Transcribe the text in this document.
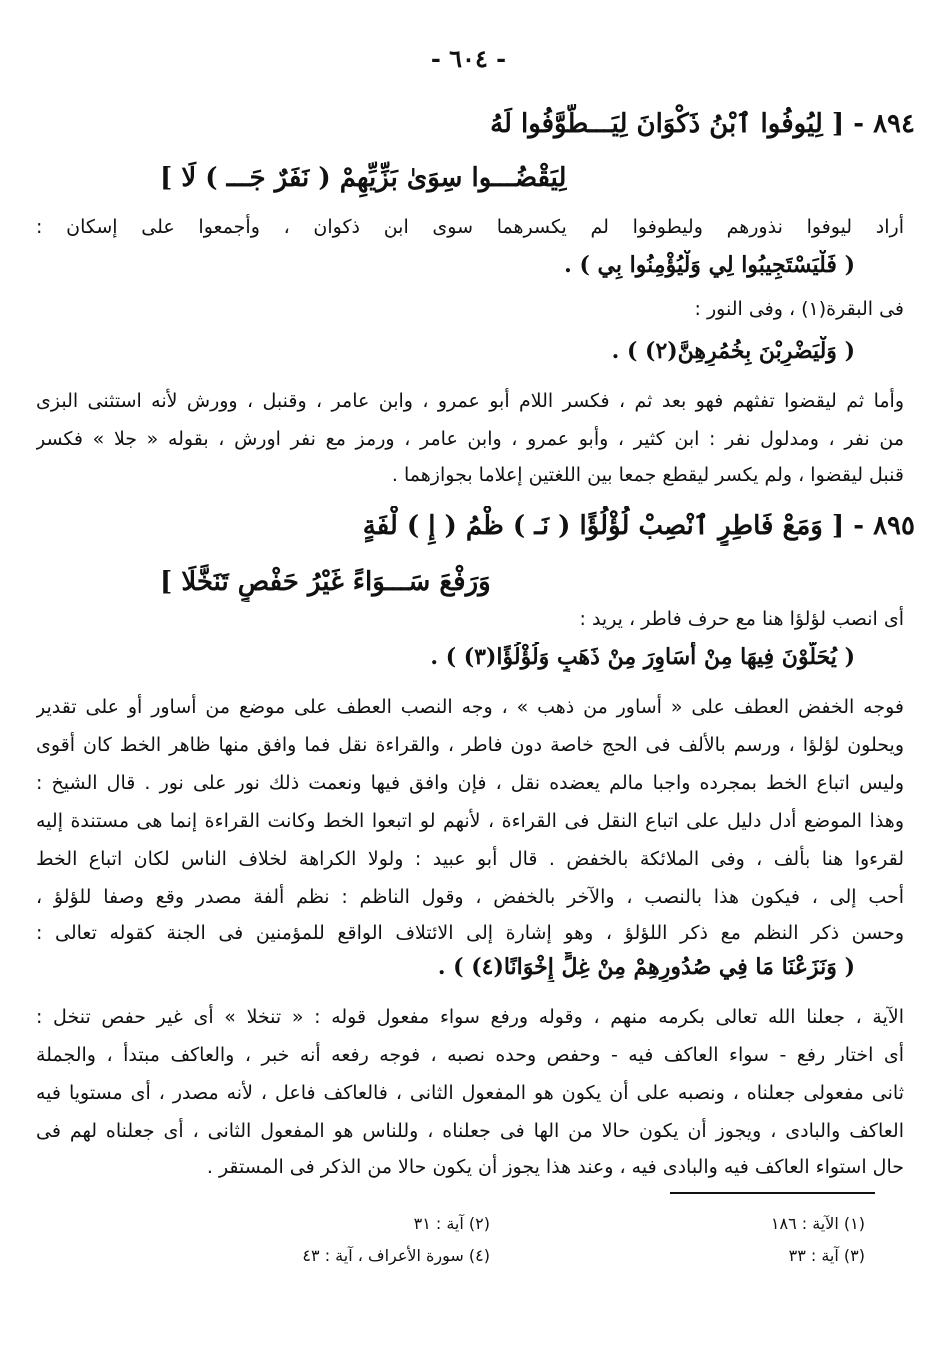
- ٦٠٤ -
٨٩٤ - [ لِيُوفُوا ٱبْنُ ذَكْوَانَ لِيَـــطَّوَّفُوا لَهُ
لِيَقْضُـــوا سِوَىٰ بَزِّيِّهِمْ ( نَفَرٌ جَـــ ) لَا ]
أراد ليوفوا نذورهم وليطوفوا لم يكسرهما سوى ابن ذكوان ، وأجمعوا على إسكان :
( فَلْيَسْتَجِيبُوا لِي وَلْيُؤْمِنُوا بِي ) .
فى البقرة(١) ، وفى النور :
( وَلْيَضْرِبْنَ بِخُمُرِهِنَّ(٢) ) .
وأما ثم ليقضوا تفثهم فهو بعد ثم ، فكسر اللام أبو عمرو ، وابن عامر ، وقنبل ، وورش لأنه استثنى البزى
من نفر ، ومدلول نفر : ابن كثير ، وأبو عمرو ، وابن عامر ، ورمز مع نفر اورش ، بقوله « جلا » فكسر
قنبل ليقضوا ، ولم يكسر ليقطع جمعا بين اللغتين إعلاما بجوازهما .
٨٩٥ - [ وَمَعْ فَاطِرٍ ٱنْصِبْ لُؤْلُؤًا ( نَـ ) ظْمُ ( إِ ) لْفَةٍ
وَرَفْعَ سَـــوَاءً غَيْرُ حَفْصٍ تَنَخَّلَا ]
أى انصب لؤلؤا هنا مع حرف فاطر ، يريد :
( يُحَلَّوْنَ فِيهَا مِنْ أَسَاوِرَ مِنْ ذَهَبٍ وَلُؤْلُؤًا(٣) ) .
فوجه الخفض العطف على « أساور من ذهب » ، وجه النصب العطف على موضع من أساور أو على تقدير
ويحلون لؤلؤا ، ورسم بالألف فى الحج خاصة دون فاطر ، والقراءة نقل فما وافق منها ظاهر الخط كان أقوى
وليس اتباع الخط بمجرده واجبا مالم يعضده نقل ، فإن وافق فيها ونعمت ذلك نور على نور . قال الشيخ :
وهذا الموضع أدل دليل على اتباع النقل فى القراءة ، لأنهم لو اتبعوا الخط وكانت القراءة إنما هى مستندة إليه
لقرءوا هنا بألف ، وفى الملائكة بالخفض . قال أبو عبيد : ولولا الكراهة لخلاف الناس لكان اتباع الخط
أحب إلى ، فيكون هذا بالنصب ، والآخر بالخفض ، وقول الناظم : نظم ألفة مصدر وقع وصفا للؤلؤ ،
وحسن ذكر النظم مع ذكر اللؤلؤ ، وهو إشارة إلى الائتلاف الواقع للمؤمنين فى الجنة كقوله تعالى :
( وَنَزَعْنَا مَا فِي صُدُورِهِمْ مِنْ غِلٍّ إِخْوَانًا(٤) ) .
الآية ، جعلنا الله تعالى بكرمه منهم ، وقوله ورفع سواء مفعول قوله : « تنخلا » أى غير حفص تنخل :
أى اختار رفع - سواء العاكف فيه - وحفص وحده نصبه ، فوجه رفعه أنه خبر ، والعاكف مبتدأ ، والجملة
ثانى مفعولى جعلناه ، ونصبه على أن يكون هو المفعول الثانى ، فالعاكف فاعل ، لأنه مصدر ، أى مستويا فيه
العاكف والبادى ، ويجوز أن يكون حالا من الها فى جعلناه ، وللناس هو المفعول الثانى ، أى جعلناه لهم فى
حال استواء العاكف فيه والبادى فيه ، وعند هذا يجوز أن يكون حالا من الذكر فى المستقر .
(١) الآية : ١٨٦
(٢) آية : ٣١
(٣) آية : ٣٣
(٤) سورة الأعراف ، آية : ٤٣
